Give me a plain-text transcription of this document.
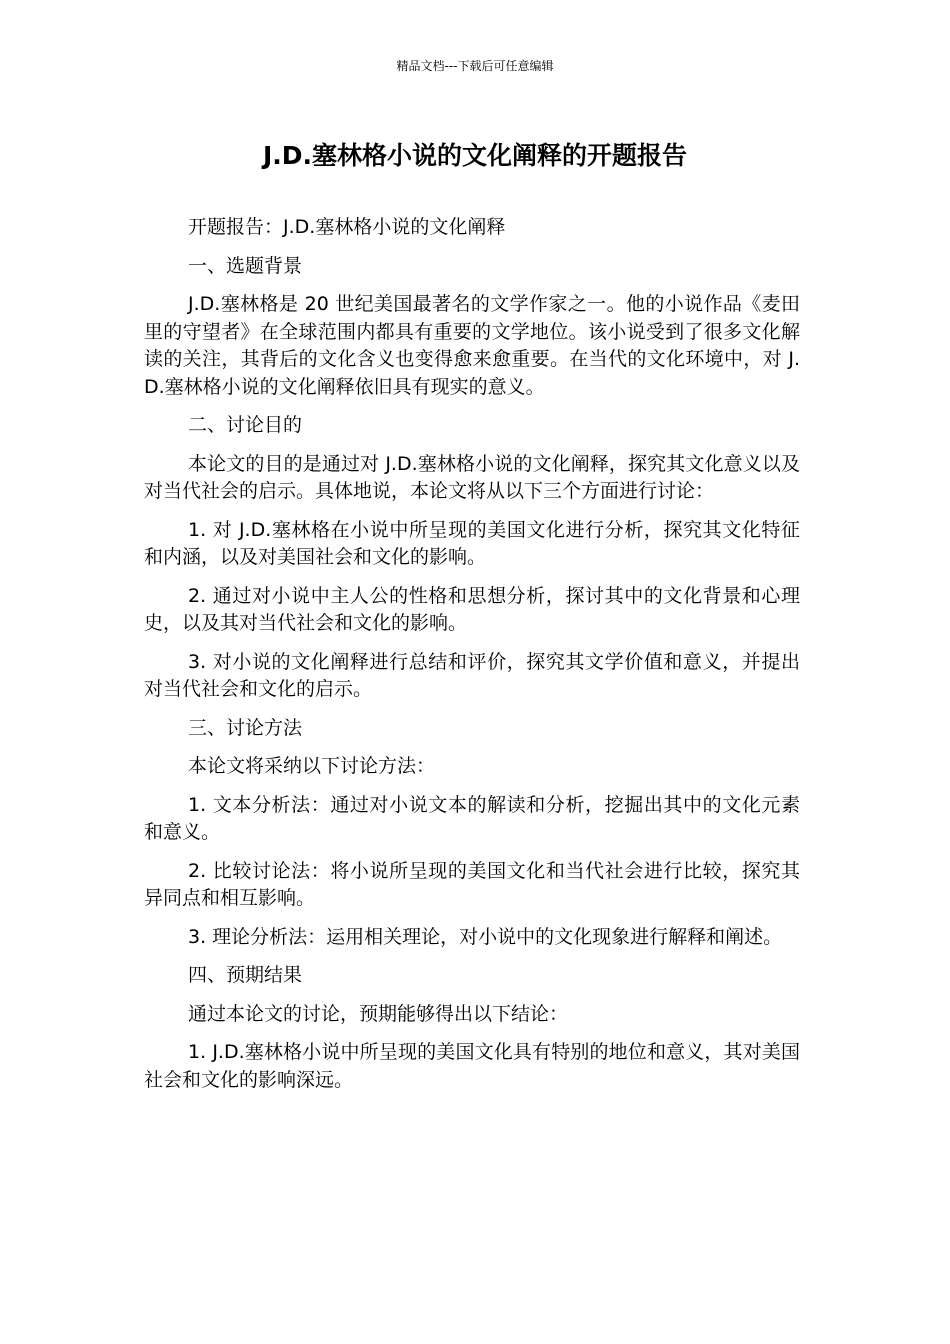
精品文档---下载后可任意编辑
J.D.塞林格小说的文化阐释的开题报告

开题报告：J.D.塞林格小说的文化阐释

一、选题背景

J.D.塞林格是 20 世纪美国最著名的文学作家之一。他的小说作品《麦田里的守望者》在全球范围内都具有重要的文学地位。该小说受到了很多文化解读的关注，其背后的文化含义也变得愈来愈重要。在当代的文化环境中，对 J.D.塞林格小说的文化阐释依旧具有现实的意义。

二、讨论目的

本论文的目的是通过对 J.D.塞林格小说的文化阐释，探究其文化意义以及对当代社会的启示。具体地说，本论文将从以下三个方面进行讨论：

1. 对 J.D.塞林格在小说中所呈现的美国文化进行分析，探究其文化特征和内涵，以及对美国社会和文化的影响。

2. 通过对小说中主人公的性格和思想分析，探讨其中的文化背景和心理史，以及其对当代社会和文化的影响。

3. 对小说的文化阐释进行总结和评价，探究其文学价值和意义，并提出对当代社会和文化的启示。

三、讨论方法

本论文将采纳以下讨论方法：

1. 文本分析法：通过对小说文本的解读和分析，挖掘出其中的文化元素和意义。

2. 比较讨论法：将小说所呈现的美国文化和当代社会进行比较，探究其异同点和相互影响。

3. 理论分析法：运用相关理论，对小说中的文化现象进行解释和阐述。

四、预期结果

通过本论文的讨论，预期能够得出以下结论：

1. J.D.塞林格小说中所呈现的美国文化具有特别的地位和意义，其对美国社会和文化的影响深远。
